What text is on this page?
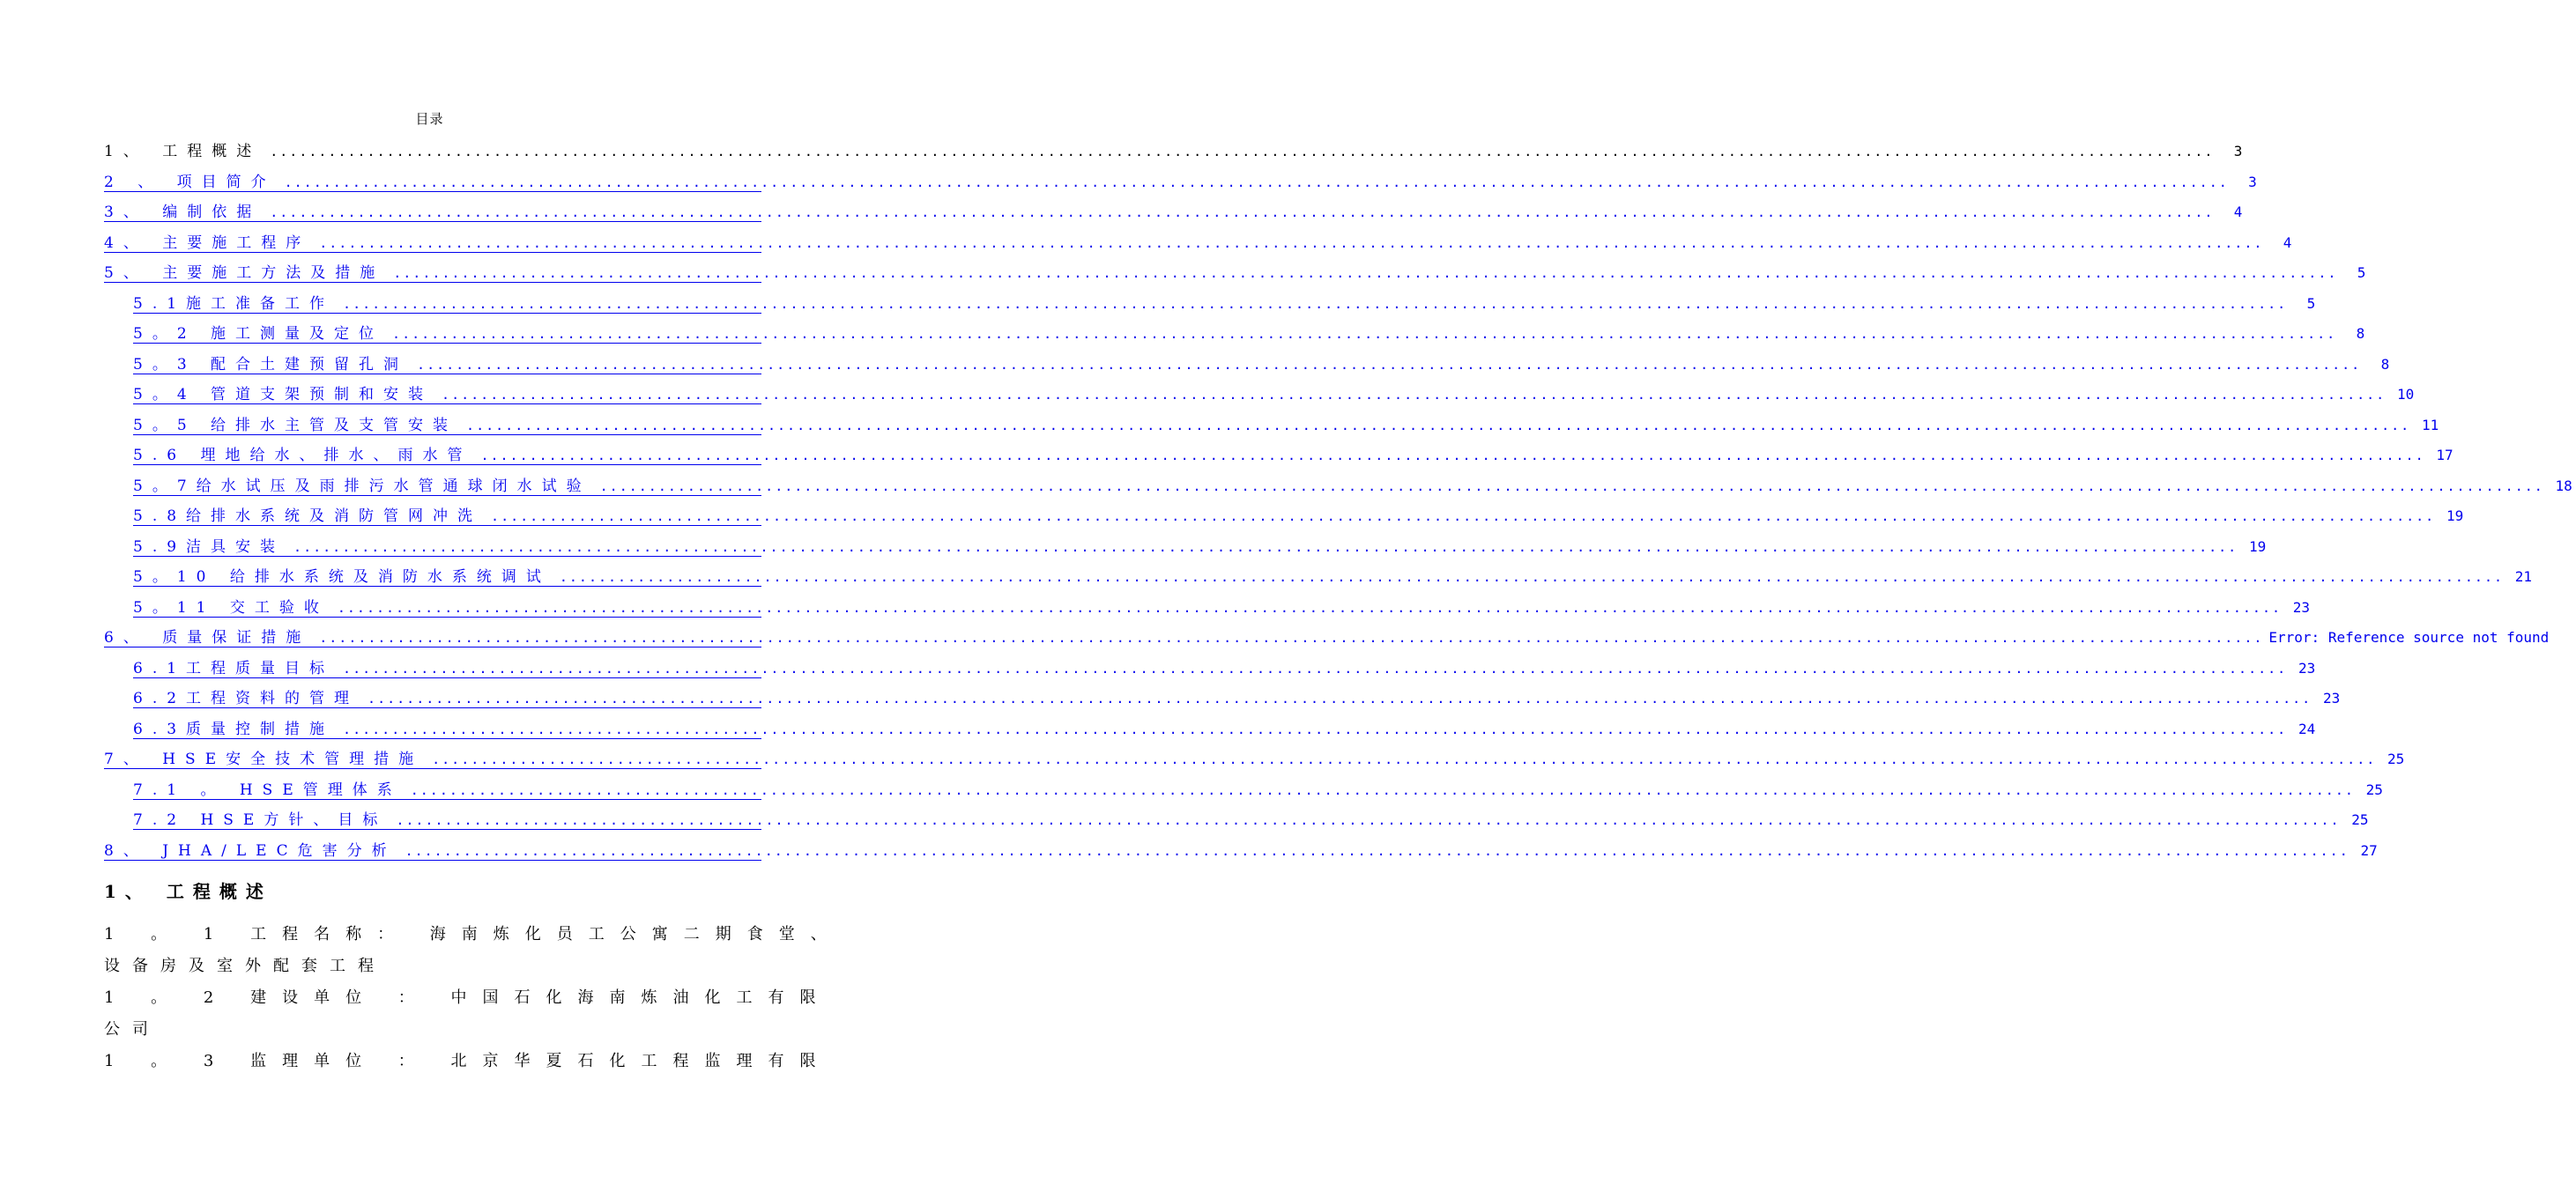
目录
1、 工程概述 ........................................................................................................................................................................................................	3
2 、 项目简介 ........................................................................................................................................................................................................	3
3、 编制依据 ........................................................................................................................................................................................................	4
4、 主要施工程序 ........................................................................................................................................................................................................	4
5、 主要施工方法及措施 ........................................................................................................................................................................................................	5
5.1施工准备工作 ........................................................................................................................................................................................................	5
5。2 施工测量及定位 ........................................................................................................................................................................................................	8
5。3 配合土建预留孔洞 ........................................................................................................................................................................................................	8
5。4 管道支架预制和安装 ........................................................................................................................................................................................................ 10
5。5 给排水主管及支管安装 ........................................................................................................................................................................................................ 11
5.6 埋地给水、排水、雨水管 ........................................................................................................................................................................................................ 17
5。7给水试压及雨排污水管通球闭水试验 ........................................................................................................................................................................................................ 18
5.8给排水系统及消防管网冲洗 ........................................................................................................................................................................................................ 19
5.9洁具安装 ........................................................................................................................................................................................................ 19
5。10 给排水系统及消防水系统调试 ........................................................................................................................................................................................................ 21
5。11 交工验收 ........................................................................................................................................................................................................ 23
6、 质量保证措施 ........................................................................................................................................................................................................ Error: Reference source not found
6.1工程质量目标 ........................................................................................................................................................................................................ 23
6.2工程资料的管理 ........................................................................................................................................................................................................ 23
6.3质量控制措施 ........................................................................................................................................................................................................ 24
7、 HSE安全技术管理措施 ........................................................................................................................................................................................................ 25
7.1 。 HSE管理体系 ........................................................................................................................................................................................................ 25
7.2 HSE方针、目标 ........................................................................................................................................................................................................ 25
8、 JHA/LEC危害分析 ........................................................................................................................................................................................................ 27
1、 工程概述
1 。 1 工程名称： 海南炼化员工公寓二期食堂、
设备房及室外配套工程
1 。 2 建设单位 ： 中国石化海南炼油化工有限
公司
1 。 3 监理单位 ： 北京华夏石化工程监理有限
